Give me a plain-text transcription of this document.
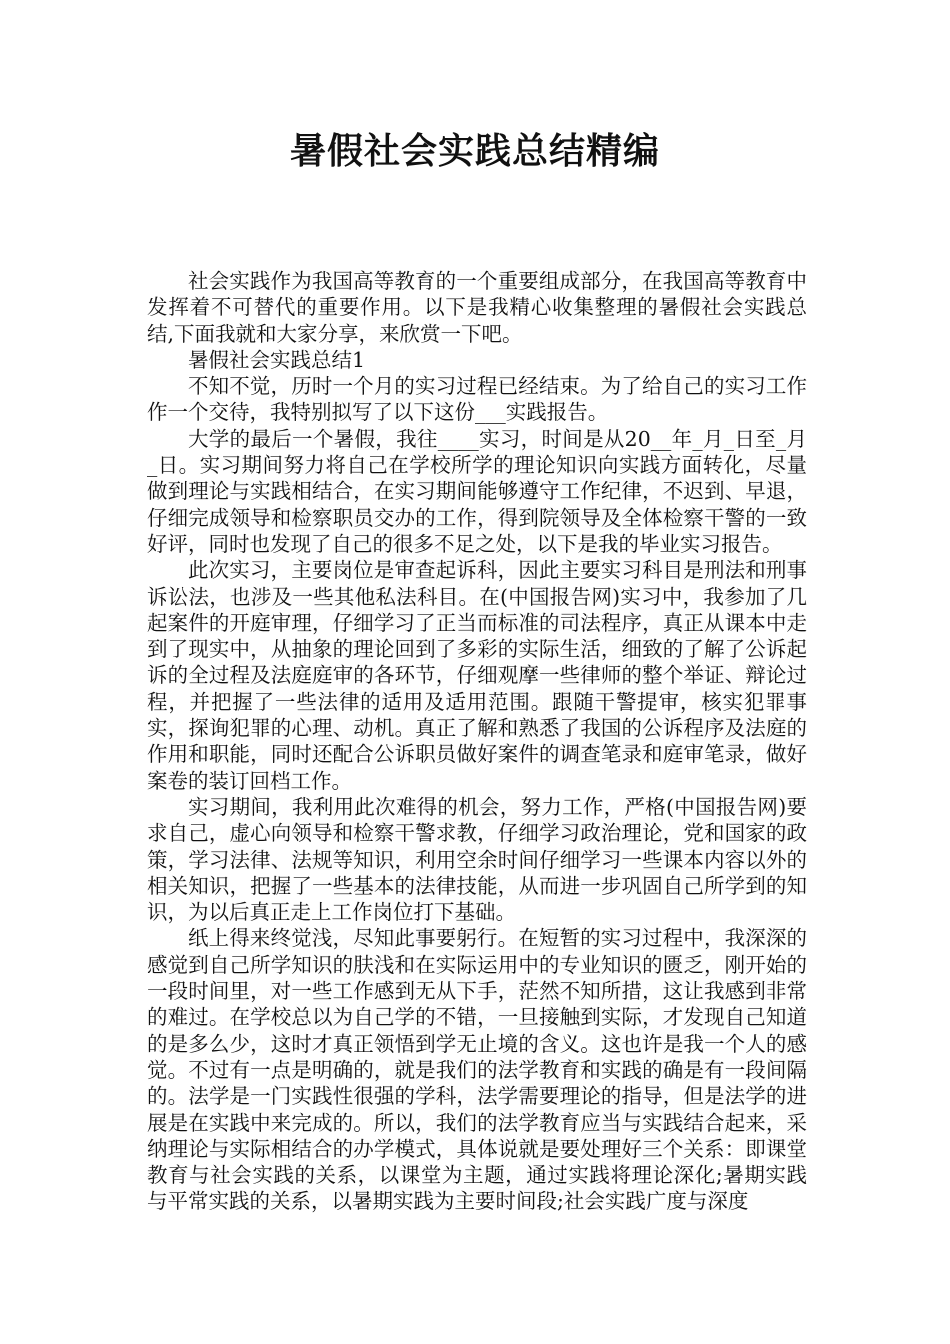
暑假社会实践总结精编

社会实践作为我国高等教育的一个重要组成部分，在我国高等教育中发挥着不可替代的重要作用。以下是我精心收集整理的暑假社会实践总结,下面我就和大家分享，来欣赏一下吧。

暑假社会实践总结1

不知不觉，历时一个月的实习过程已经结束。为了给自己的实习工作作一个交待，我特别拟写了以下这份___实践报告。

大学的最后一个暑假，我往____实习，时间是从20__年_月_日至_月_日。实习期间努力将自己在学校所学的理论知识向实践方面转化，尽量做到理论与实践相结合，在实习期间能够遵守工作纪律，不迟到、早退，仔细完成领导和检察职员交办的工作，得到院领导及全体检察干警的一致好评，同时也发现了自己的很多不足之处，以下是我的毕业实习报告。

此次实习，主要岗位是审查起诉科，因此主要实习科目是刑法和刑事诉讼法，也涉及一些其他私法科目。在(中国报告网)实习中，我参加了几起案件的开庭审理，仔细学习了正当而标准的司法程序，真正从课本中走到了现实中，从抽象的理论回到了多彩的实际生活，细致的了解了公诉起诉的全过程及法庭庭审的各环节，仔细观摩一些律师的整个举证、辩论过程，并把握了一些法律的适用及适用范围。跟随干警提审，核实犯罪事实，探询犯罪的心理、动机。真正了解和熟悉了我国的公诉程序及法庭的作用和职能，同时还配合公诉职员做好案件的调查笔录和庭审笔录，做好案卷的装订回档工作。

实习期间，我利用此次难得的机会，努力工作，严格(中国报告网)要求自己，虚心向领导和检察干警求教，仔细学习政治理论，党和国家的政策，学习法律、法规等知识，利用空余时间仔细学习一些课本内容以外的相关知识，把握了一些基本的法律技能，从而进一步巩固自己所学到的知识，为以后真正走上工作岗位打下基础。

纸上得来终觉浅，尽知此事要躬行。在短暂的实习过程中，我深深的感觉到自己所学知识的肤浅和在实际运用中的专业知识的匮乏，刚开始的一段时间里，对一些工作感到无从下手，茫然不知所措，这让我感到非常的难过。在学校总以为自己学的不错，一旦接触到实际，才发现自己知道的是多么少，这时才真正领悟到学无止境的含义。这也许是我一个人的感觉。不过有一点是明确的，就是我们的法学教育和实践的确是有一段间隔的。法学是一门实践性很强的学科，法学需要理论的指导，但是法学的进展是在实践中来完成的。所以，我们的法学教育应当与实践结合起来，采纳理论与实际相结合的办学模式，具体说就是要处理好三个关系：即课堂教育与社会实践的关系，以课堂为主题，通过实践将理论深化;暑期实践与平常实践的关系，以暑期实践为主要时间段;社会实践广度与深度
